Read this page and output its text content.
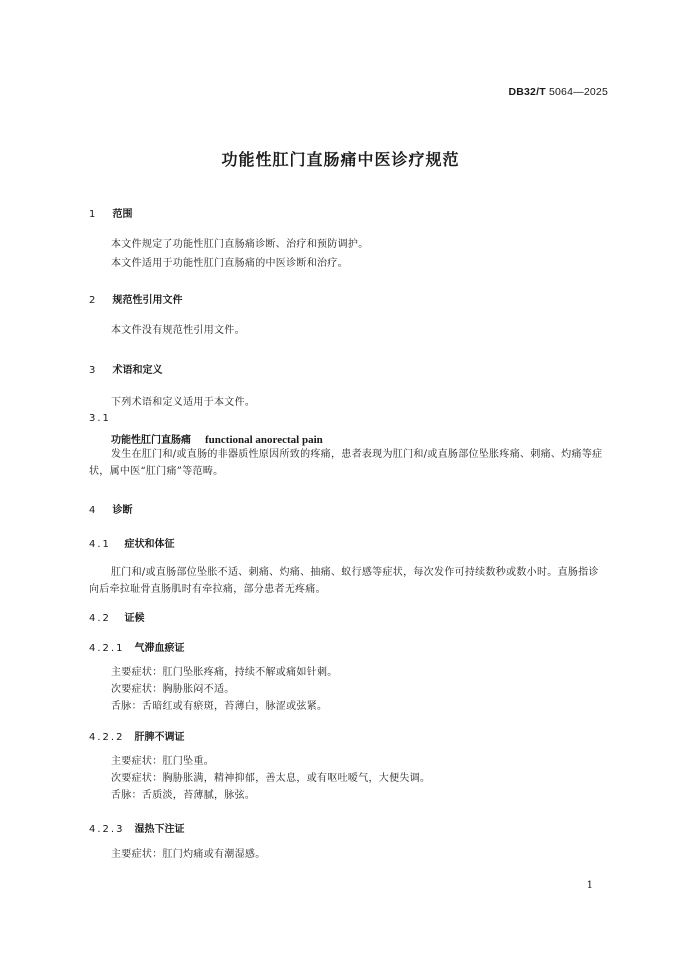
DB32/T 5064—2025
功能性肛门直肠痛中医诊疗规范
1 范围
本文件规定了功能性肛门直肠痛诊断、治疗和预防调护。
本文件适用于功能性肛门直肠痛的中医诊断和治疗。
2 规范性引用文件
本文件没有规范性引用文件。
3 术语和定义
下列术语和定义适用于本文件。
3.1
功能性肛门直肠痛 functional anorectal pain
发生在肛门和/或直肠的非器质性原因所致的疼痛，患者表现为肛门和/或直肠部位坠胀疼痛、刺痛、灼痛等症状，属中医“肛门痛”等范畴。
4 诊断
4.1 症状和体征
肛门和/或直肠部位坠胀不适、刺痛、灼痛、抽痛、蚁行感等症状，每次发作可持续数秒或数小时。直肠指诊向后牵拉耻骨直肠肌时有牵拉痛，部分患者无疼痛。
4.2 证候
4.2.1 气滞血瘀证
主要症状：肛门坠胀疼痛，持续不解或痛如针刺。
次要症状：胸胁胀闷不适。
舌脉：舌暗红或有瘀斑，苔薄白，脉涩或弦紧。
4.2.2 肝脾不调证
主要症状：肛门坠重。
次要症状：胸胁胀满，精神抑郁，善太息，或有呕吐嗳气，大便失调。
舌脉：舌质淡，苔薄腻，脉弦。
4.2.3 湿热下注证
主要症状：肛门灼痛或有潮湿感。
1
